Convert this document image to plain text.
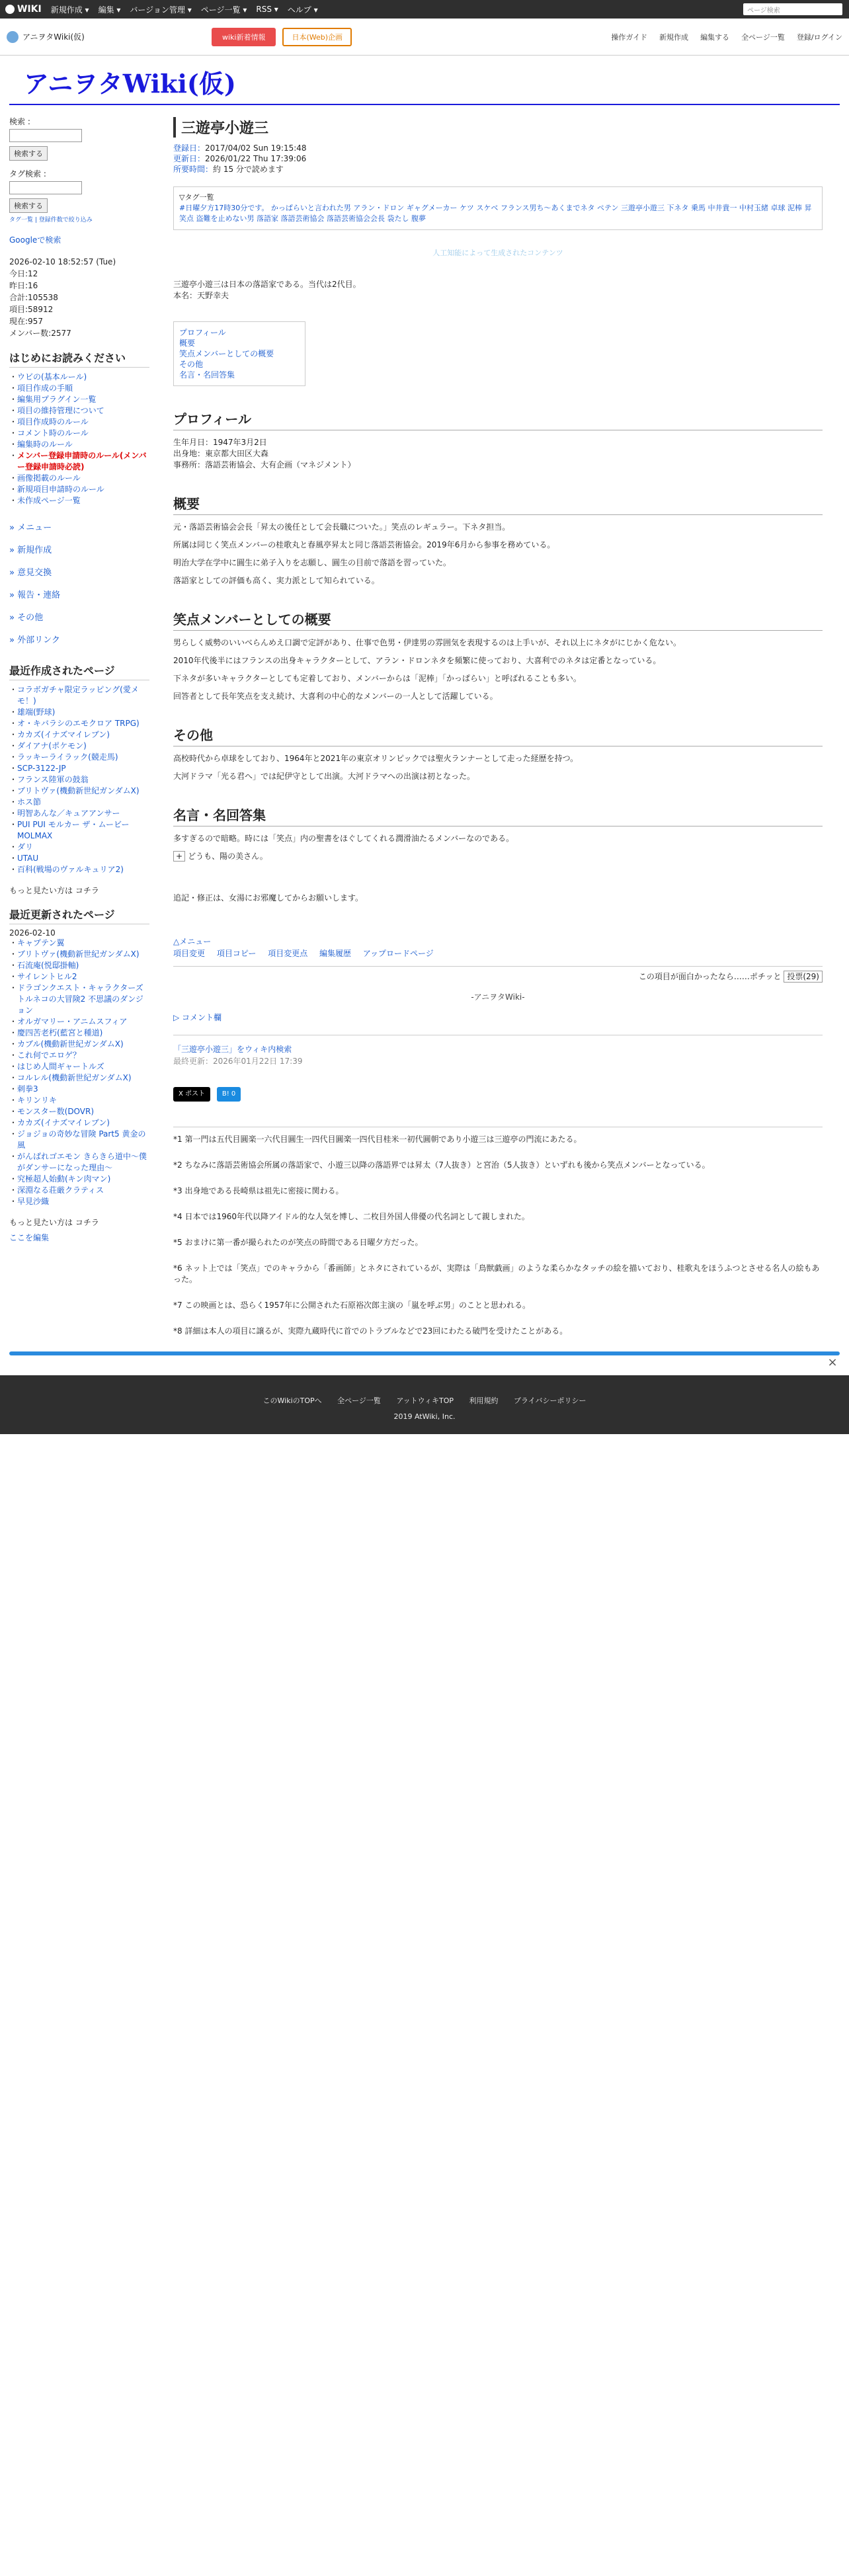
WIKI 新規作成 ▾ 編集 ▾ バージョン管理 ▾ ページ一覧 ▾ RSS ▾ ヘルプ ▾	ページ検索
アニヲタWiki(仮)	wiki新着情報	日本(Web)企画	操作ガイド 新規作成 編集する 全ページ一覧 登録/ログイン
アニヲタWiki(仮)
検索 :
検索する
タグ検索 :
検索する
タグ一覧 | 登録件数で絞り込み
Googleで検索
2026-02-10 18:52:57 (Tue)
今日:12
昨日:16
合計:105538
項目:58912
現在:957
メンバー数:2577
はじめにお読みください
・ ウビの(基本ルール)
・ 項目作成の手順
・ 編集用プラグイン一覧
・ 項目の維持管理について
・ 項目作成時のルール
・ コメント時のルール
・ 編集時のルール
・ メンバー登録申請時のルール(メンバー登録申請時必読)
・ 画像掲載のルール
・ 新規項目申請時のルール
・ 未作成ページ一覧
» メニュー
» 新規作成
» 意見交換
» 報告・連絡
» その他
» 外部リンク
最近作成されたページ
・ コラボガチャ限定ラッピング(愛メモ！)
・ 雄端(野球)
・ オ・キバラシのエモクロア TRPG)
・ カカズ(イナズマイレブン)
・ ダイアナ(ポケモン)
・ ラッキーライラック(競走馬)
・ SCP-3122-JP
・ フランス陸軍の鼓翁
・ ブリトヴァ(機動新世紀ガンダムX)
・ ホス節
・ 明智あんな／キュアアンサー
・ PUI PUI モルカー ザ・ムービー MOLMAX
・ ダリ
・ UTAU
・ 百科(戦場のヴァルキュリア2)
もっと見たい方は コチラ
最近更新されたページ
2026-02-10
・ キャプテン翼
・ ブリトヴァ(機動新世紀ガンダムX)
・ 石流庵(悦邸掛軸)
・ サイレントヒル2
・ ドラゴンクエスト・キャラクターズ トルネコの大冒険2 不思議のダンジョン
・ オルガマリー・アニムスフィア
・ 慶四苦老朽(藍宮と種道)
・ カブル(機動新世紀ガンダムX)
・ これ何でエロゲ？
・ はじめ人間ギャートルズ
・ コルレル(機動新世紀ガンダムX)
・ 刺拳3
・ キリンリキ
・ モンスター数(DOVR)
・ カカズ(イナズマイレブン)
・ ジョジョの奇妙な冒険 Part5 黄金の風
・ がんばれゴエモン きらきら道中～僕がダンサーになった理由～
・ 究極超人始動(キン肉マン)
・ 深淵なる荘厳クラティス
・ 早見沙織
もっと見たい方は コチラ
ここを編集
三遊亭小遊三
登録日：2017/04/02 Sun 19:15:48
更新日：2026/01/22 Thu 17:39:06
所要時間：約 15 分で読めます
▽タグ一覧
#日曜夕方17時30分です。 かっぱらいと言われた男 アラン・ドロン ギャグメーカー ケツ スケベ フランス男ち～あくまでネタ ペテン 三遊亭小遊三 下ネタ 乗馬 中井貴一 中村玉緒 卓球 泥棒 昇 笑点 盗難を止めない男 落語家 落語芸術協会 落語芸術協会会長 袋たし 腹夢
人工知能によって生成されたコンテンツ
三遊亭小遊三は日本の落語家である。当代は2代目。
本名：天野幸夫
プロフィール
概要
笑点メンバーとしての概要
その他
名言・名回答集
プロフィール
生年月日：1947年3月2日
出身地：東京都大田区大森
事務所：落語芸術協会、大有企画（マネジメント）
概要
元・落語芸術協会会長「昇太の後任として会長職についた。」笑点のレギュラー。下ネタ担当。
所属は同じく笑点メンバーの桂歌丸と春風亭昇太と同じ落語芸術協会。2019年6月から参事を務めている。
明治大学在学中に圓生に弟子入りを志願し、圓生の目前で落語を習っていた。
落語家としての評価も高く、実力派として知られている。
笑点メンバーとしての概要
男らしく威勢のいいべらんめえ口調で定評があり、仕事で色男・伊達男の雰囲気を表現するのは上手いが、それ以上にネタがにじかく危ない。
2010年代後半にはフランスの出身キャラクターとして、アラン・ドロンネタを頻繁に使っており、大喜利でのネタは定番となっている。
下ネタが多いキャラクターとしても定着しており、メンバーからは「泥棒」「かっぱらい」と呼ばれることも多い。
回答者として長年笑点を支え続け、大喜利の中心的なメンバーの一人として活躍している。
その他
高校時代から卓球をしており、1964年と2021年の東京オリンピックでは聖火ランナーとして走った経歴を持つ。
大河ドラマ「光る君へ」では紀伊守として出演。大河ドラマへの出演は初となった。
名言・名回答集
多すぎるので暗略。時には「笑点」内の聖書をほぐしてくれる潤滑油たるメンバーなのである。
+ どうも、陽の美さん。
追記・修正は、女湯にお邪魔してからお願いします。
△メニュー
項目変更 項目コピー 項目変更点 編集履歴 アップロードページ
この項目が面白かったなら……ポチッと 投票(29)
-アニヲタWiki-
▷ コメント欄
「三遊亭小遊三」をウィキ内検索
最終更新：2026年01月22日 17:39
X ポスト	B! 0
*1 第一門は五代目圓楽一六代目圓生一四代目圓楽一四代目桂米一初代圓朝であり小遊三は三遊亭の門流にあたる。
*2 ちなみに落語芸術協会所属の落語家で、小遊三以降の落語界では昇太（7人抜き）と宮治（5人抜き）といずれも後から笑点メンバーとなっている。
*3 出身地である長崎県は祖先に密接に関わる。
*4 日本では1960年代以降アイドル的な人気を博し、二枚目外国人俳優の代名詞として親しまれた。
*5 おまけに第一番が撮られたのが笑点の時間である日曜夕方だった。
*6 ネット上では「笑点」でのキャラから「番画師」とネタにされているが、実際は「鳥獣戯画」のような柔らかなタッチの絵を描いており、桂歌丸をほうふつとさせる名人の絵もあった。
*7 この映画とは、恐らく1957年に公開された石原裕次郎主演の「嵐を呼ぶ男」のことと思われる。
*8 詳細は本人の項目に譲るが、実際九蔵時代に首でのトラブルなどで23回にわたる破門を受けたことがある。
×
このWikiのTOPへ 全ページ一覧 アットウィキTOP 利用規約 プライバシーポリシー
2019 AtWiki, Inc.
